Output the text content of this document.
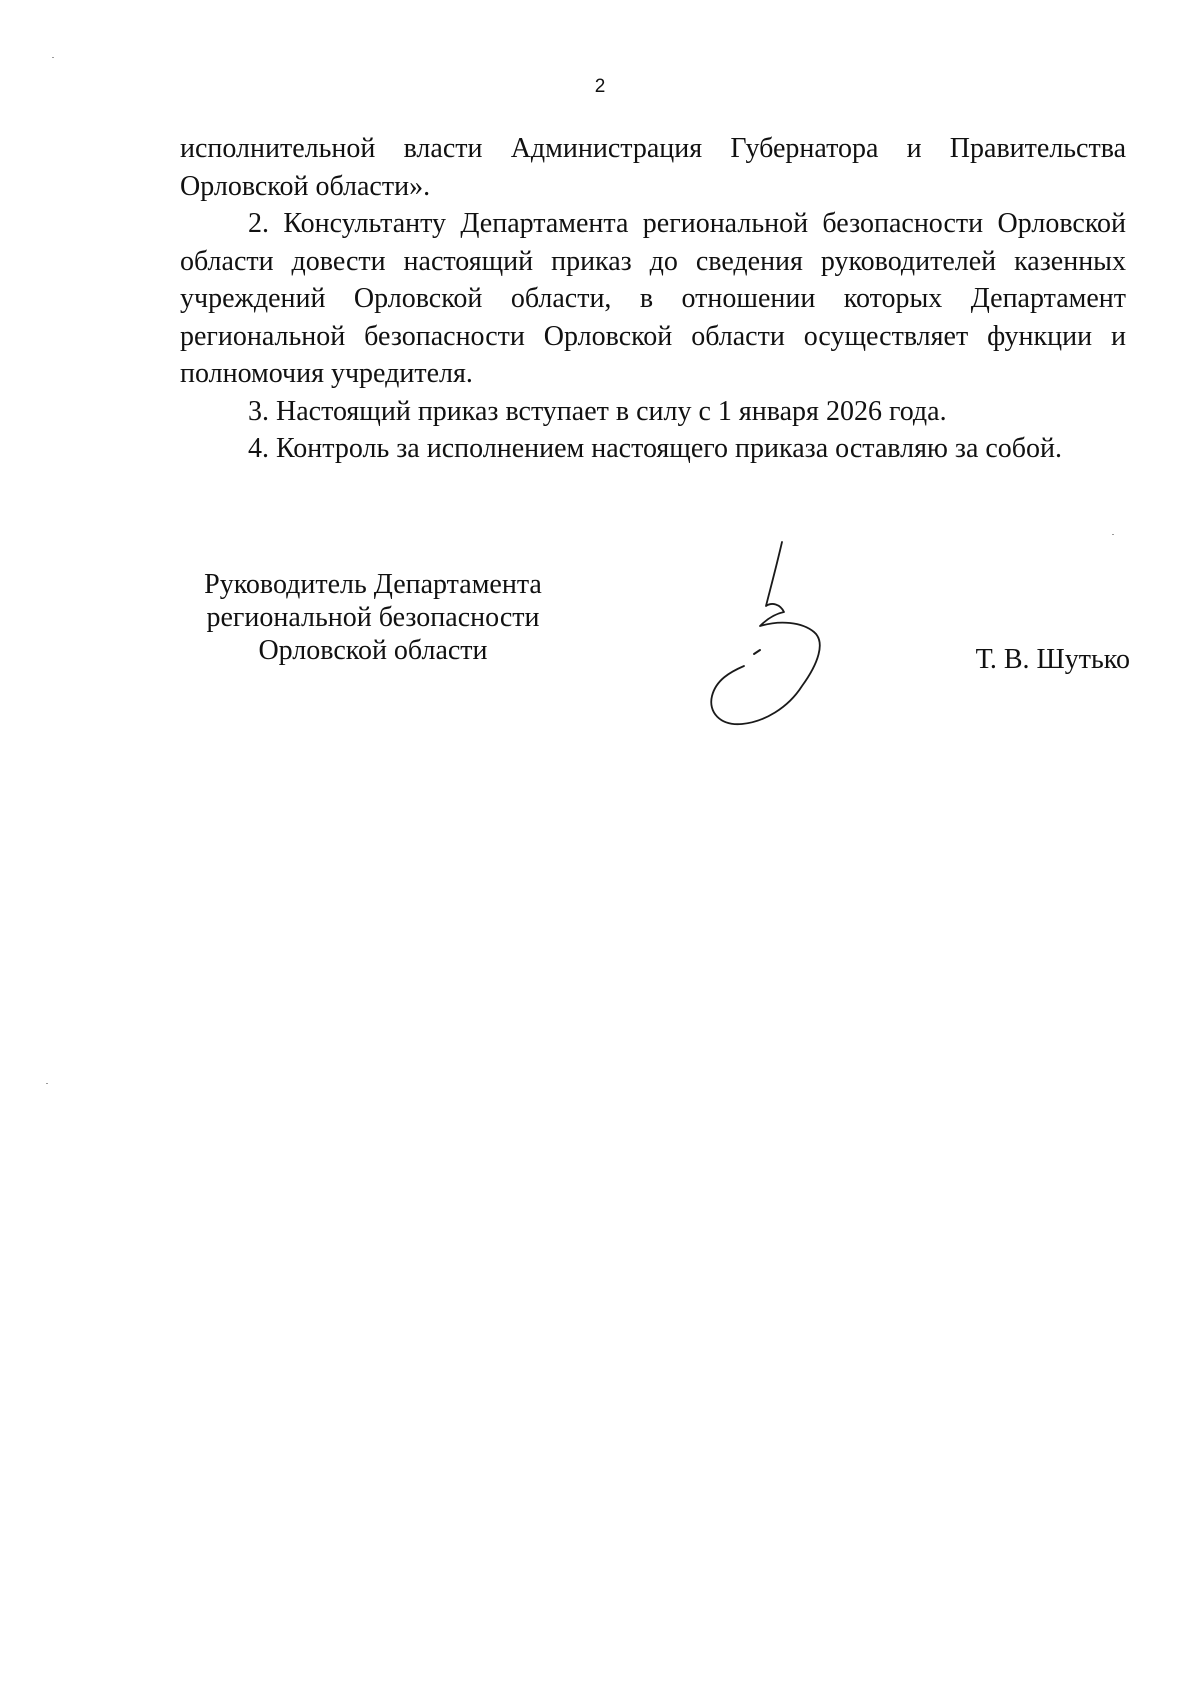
2

исполнительной власти Администрация Губернатора и Правительства Орловской области».

2. Консультанту Департамента региональной безопасности Орловской области довести настоящий приказ до сведения руководителей казенных учреждений Орловской области, в отношении которых Департамент региональной безопасности Орловской области осуществляет функции и полномочия учредителя.

3. Настоящий приказ вступает в силу с 1 января 2026 года.

4. Контроль за исполнением настоящего приказа оставляю за собой.

Руководитель Департамента
региональной безопасности
Орловской области	Т. В. Шутько
